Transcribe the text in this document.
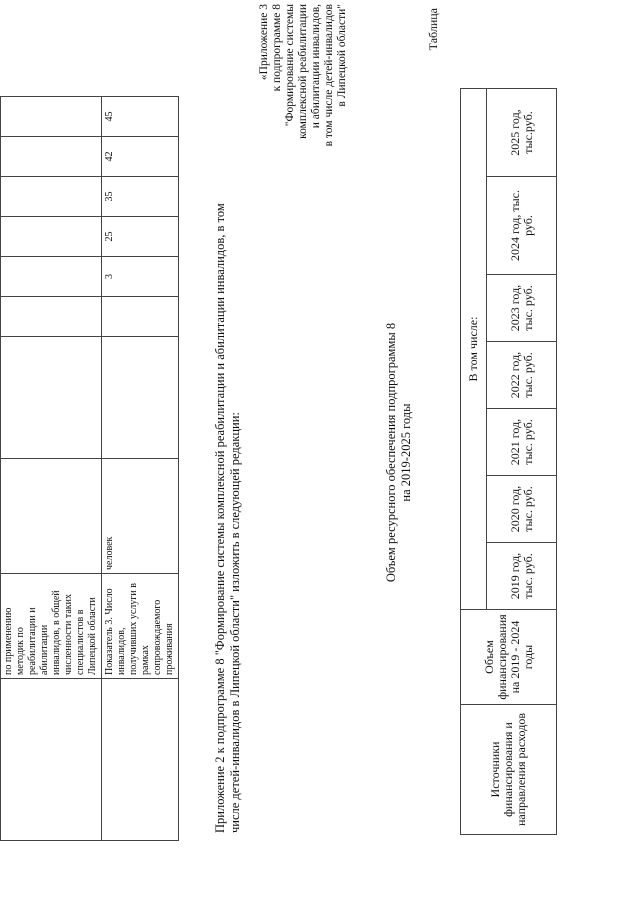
	по применению методик по реабилитации и абилитации инвалидов, в общей численности таких специалистов в Липецкой области								
	Показатель 3. Число инвалидов, получивших услуги в рамках сопровождаемого проживания	человек			3	25	35	42	45

Приложение 2 к подпрограмме 8 "Формирование системы комплексной реабилитации и абилитации инвалидов, в том числе детей-инвалидов в Липецкой области" изложить в следующей редакции:

«Приложение 3 к подпрограмме 8 "Формирование системы комплексной реабилитации и абилитации инвалидов, в том числе детей-инвалидов в Липецкой области"
Объем ресурсного обеспечения подпрограммы 8 на 2019-2025 годы
Таблица
Источники финансирования и направления расходов	Объем финансирования на 2019 - 2024 годы	В том числе:						
		2019 год, тыс. руб.	2020 год, тыс. руб.	2021 год, тыс. руб.	2022 год, тыс. руб.	2023 год, тыс. руб.	2024 год, тыс. руб.	2025 год, тыс.руб.
